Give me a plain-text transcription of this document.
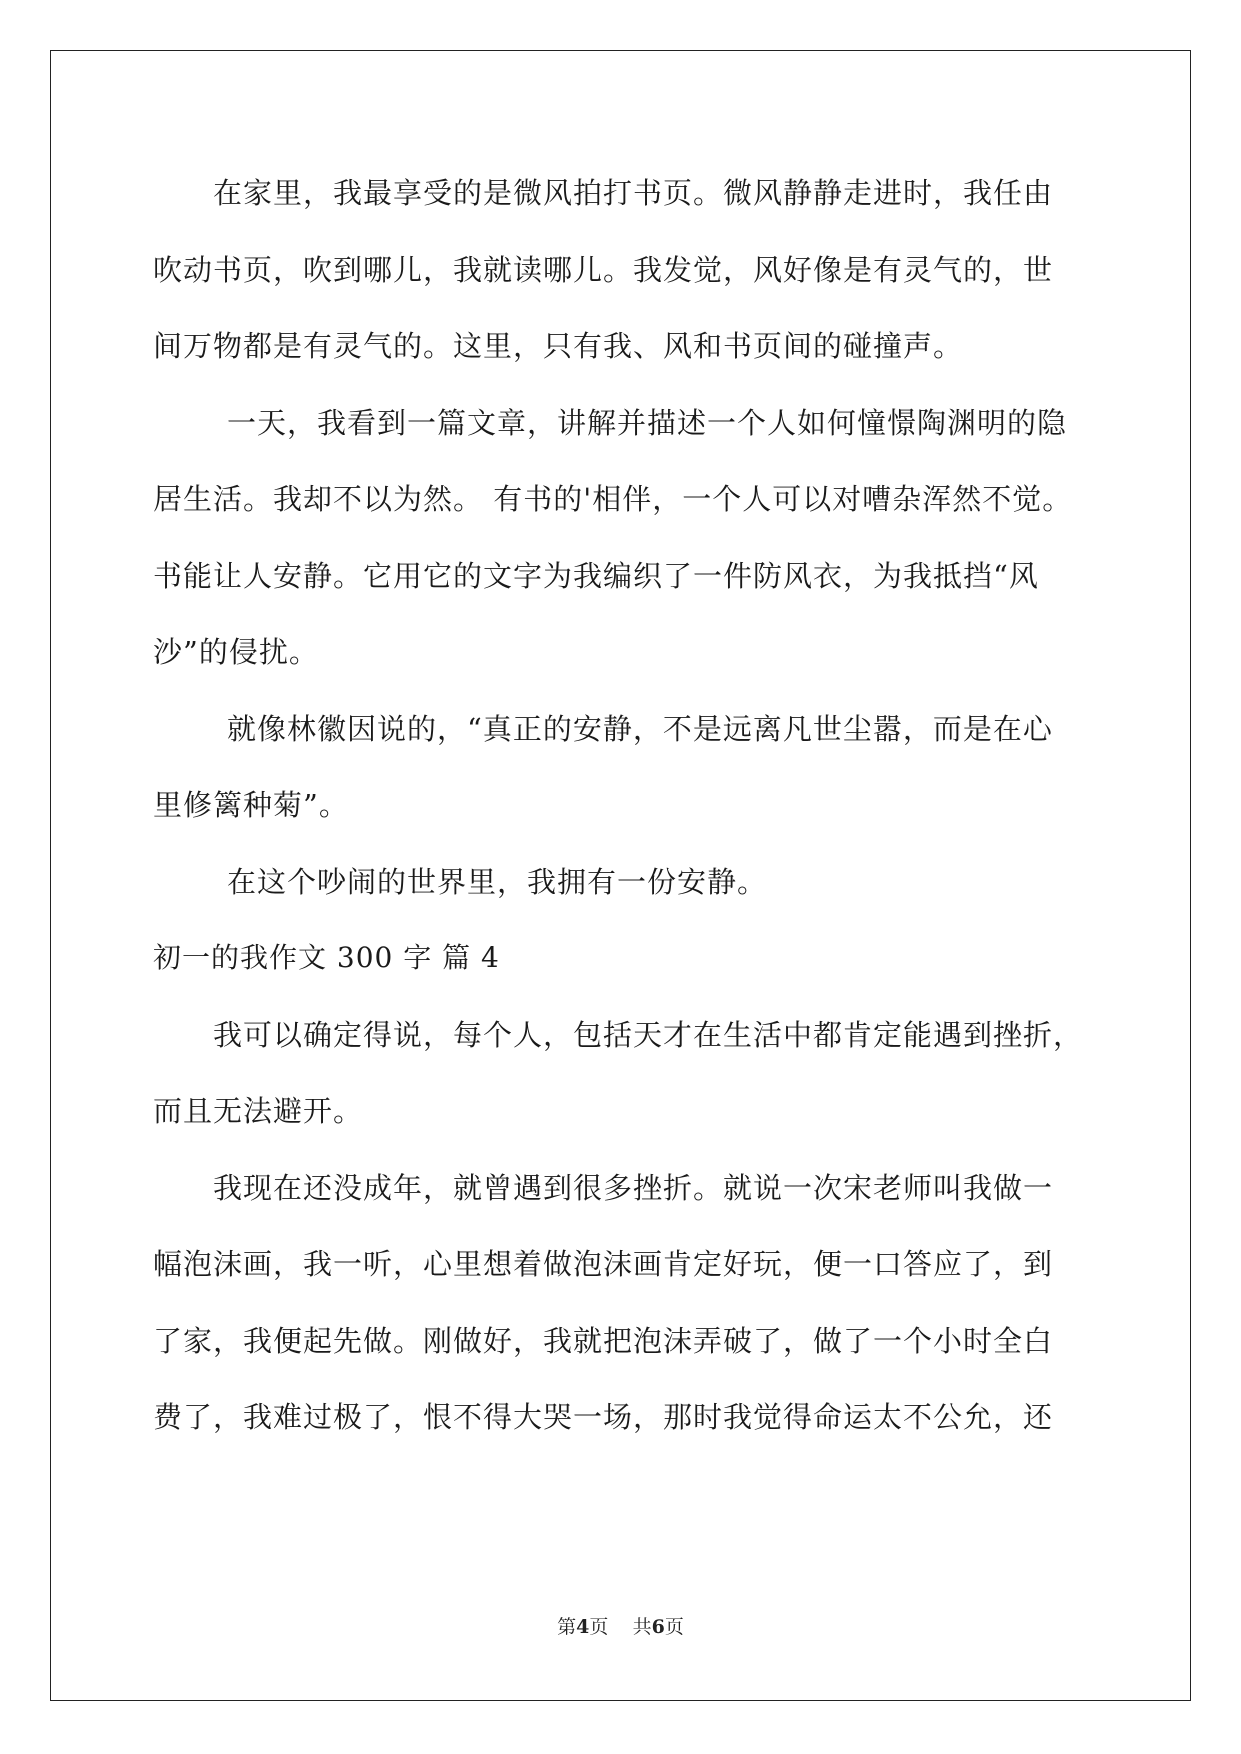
在家里，我最享受的是微风拍打书页。微风静静走进时，我任由
吹动书页，吹到哪儿，我就读哪儿。我发觉，风好像是有灵气的，世
间万物都是有灵气的。这里，只有我、风和书页间的碰撞声。
一天，我看到一篇文章，讲解并描述一个人如何憧憬陶渊明的隐
居生活。我却不以为然。 有书的'相伴，一个人可以对嘈杂浑然不觉。
书能让人安静。它用它的文字为我编织了一件防风衣，为我抵挡“风
沙”的侵扰。
就像林徽因说的，“真正的安静，不是远离凡世尘嚣，而是在心
里修篱种菊”。
在这个吵闹的世界里，我拥有一份安静。
初一的我作文 300 字 篇 4
我可以确定得说，每个人，包括天才在生活中都肯定能遇到挫折，
而且无法避开。
我现在还没成年，就曾遇到很多挫折。就说一次宋老师叫我做一
幅泡沫画，我一听，心里想着做泡沫画肯定好玩，便一口答应了，到
了家，我便起先做。刚做好，我就把泡沫弄破了，做了一个小时全白
费了，我难过极了，恨不得大哭一场，那时我觉得命运太不公允，还
第4页    共6页
